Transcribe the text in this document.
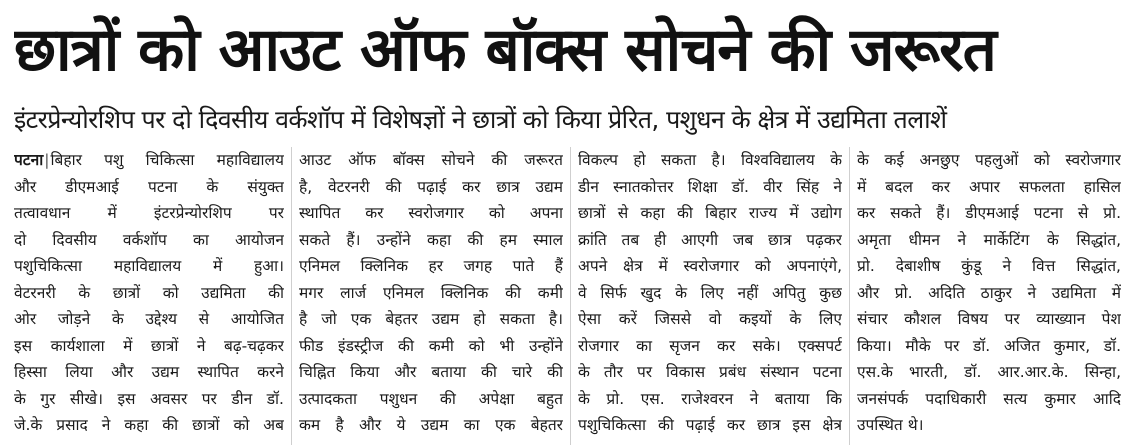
छात्रों को आउट ऑफ बॉक्स सोचने की जरूरत
इंटरप्रेन्योरशिप पर दो दिवसीय वर्कशॉप में विशेषज्ञों ने छात्रों को किया प्रेरित, पशुधन के क्षेत्र में उद्यमिता तलाशें
पटना|बिहार पशु चिकित्सा महाविद्यालय
और डीएमआई पटना के संयुक्त
तत्वावधान में इंटरप्रेन्योरशिप पर
दो दिवसीय वर्कशॉप का आयोजन
पशुचिकित्सा महाविद्यालय में हुआ।
वेटरनरी के छात्रों को उद्यमिता की
ओर जोड़ने के उद्देश्य से आयोजित
इस कार्यशाला में छात्रों ने बढ़-चढ़कर
हिस्सा लिया और उद्यम स्थापित करने
के गुर सीखे। इस अवसर पर डीन डॉ.
जे.के प्रसाद ने कहा की छात्रों को अब
आउट ऑफ बॉक्स सोचने की जरूरत
है, वेटरनरी की पढ़ाई कर छात्र उद्यम
स्थापित कर स्वरोजगार को अपना
सकते हैं। उन्होंने कहा की हम स्माल
एनिमल क्लिनिक हर जगह पाते हैं
मगर लार्ज एनिमल क्लिनिक की कमी
है जो एक बेहतर उद्यम हो सकता है।
फीड इंडस्ट्रीज की कमी को भी उन्होंने
चिह्नित किया और बताया की चारे की
उत्पादकता पशुधन की अपेक्षा बहुत
कम है और ये उद्यम का एक बेहतर
विकल्प हो सकता है। विश्वविद्यालय के
डीन स्नातकोत्तर शिक्षा डॉ. वीर सिंह ने
छात्रों से कहा की बिहार राज्य में उद्योग
क्रांति तब ही आएगी जब छात्र पढ़कर
अपने क्षेत्र में स्वरोजगार को अपनाएंगे,
वे सिर्फ खुद के लिए नहीं अपितु कुछ
ऐसा करें जिससे वो कइयों के लिए
रोजगार का सृजन कर सके। एक्सपर्ट
के तौर पर विकास प्रबंध संस्थान पटना
के प्रो. एस. राजेश्वरन ने बताया कि
पशुचिकित्सा की पढ़ाई कर छात्र इस क्षेत्र
के कई अनछुए पहलुओं को स्वरोजगार
में बदल कर अपार सफलता हासिल
कर सकते हैं। डीएमआई पटना से प्रो.
अमृता धीमन ने मार्केटिंग के सिद्धांत,
प्रो. देबाशीष कुंडू ने वित्त सिद्धांत,
और प्रो. अदिति ठाकुर ने उद्यमिता में
संचार कौशल विषय पर व्याख्यान पेश
किया। मौके पर डॉ. अजित कुमार, डॉ.
एस.के भारती, डॉ. आर.आर.के. सिन्हा,
जनसंपर्क पदाधिकारी सत्य कुमार आदि
उपस्थित थे।
